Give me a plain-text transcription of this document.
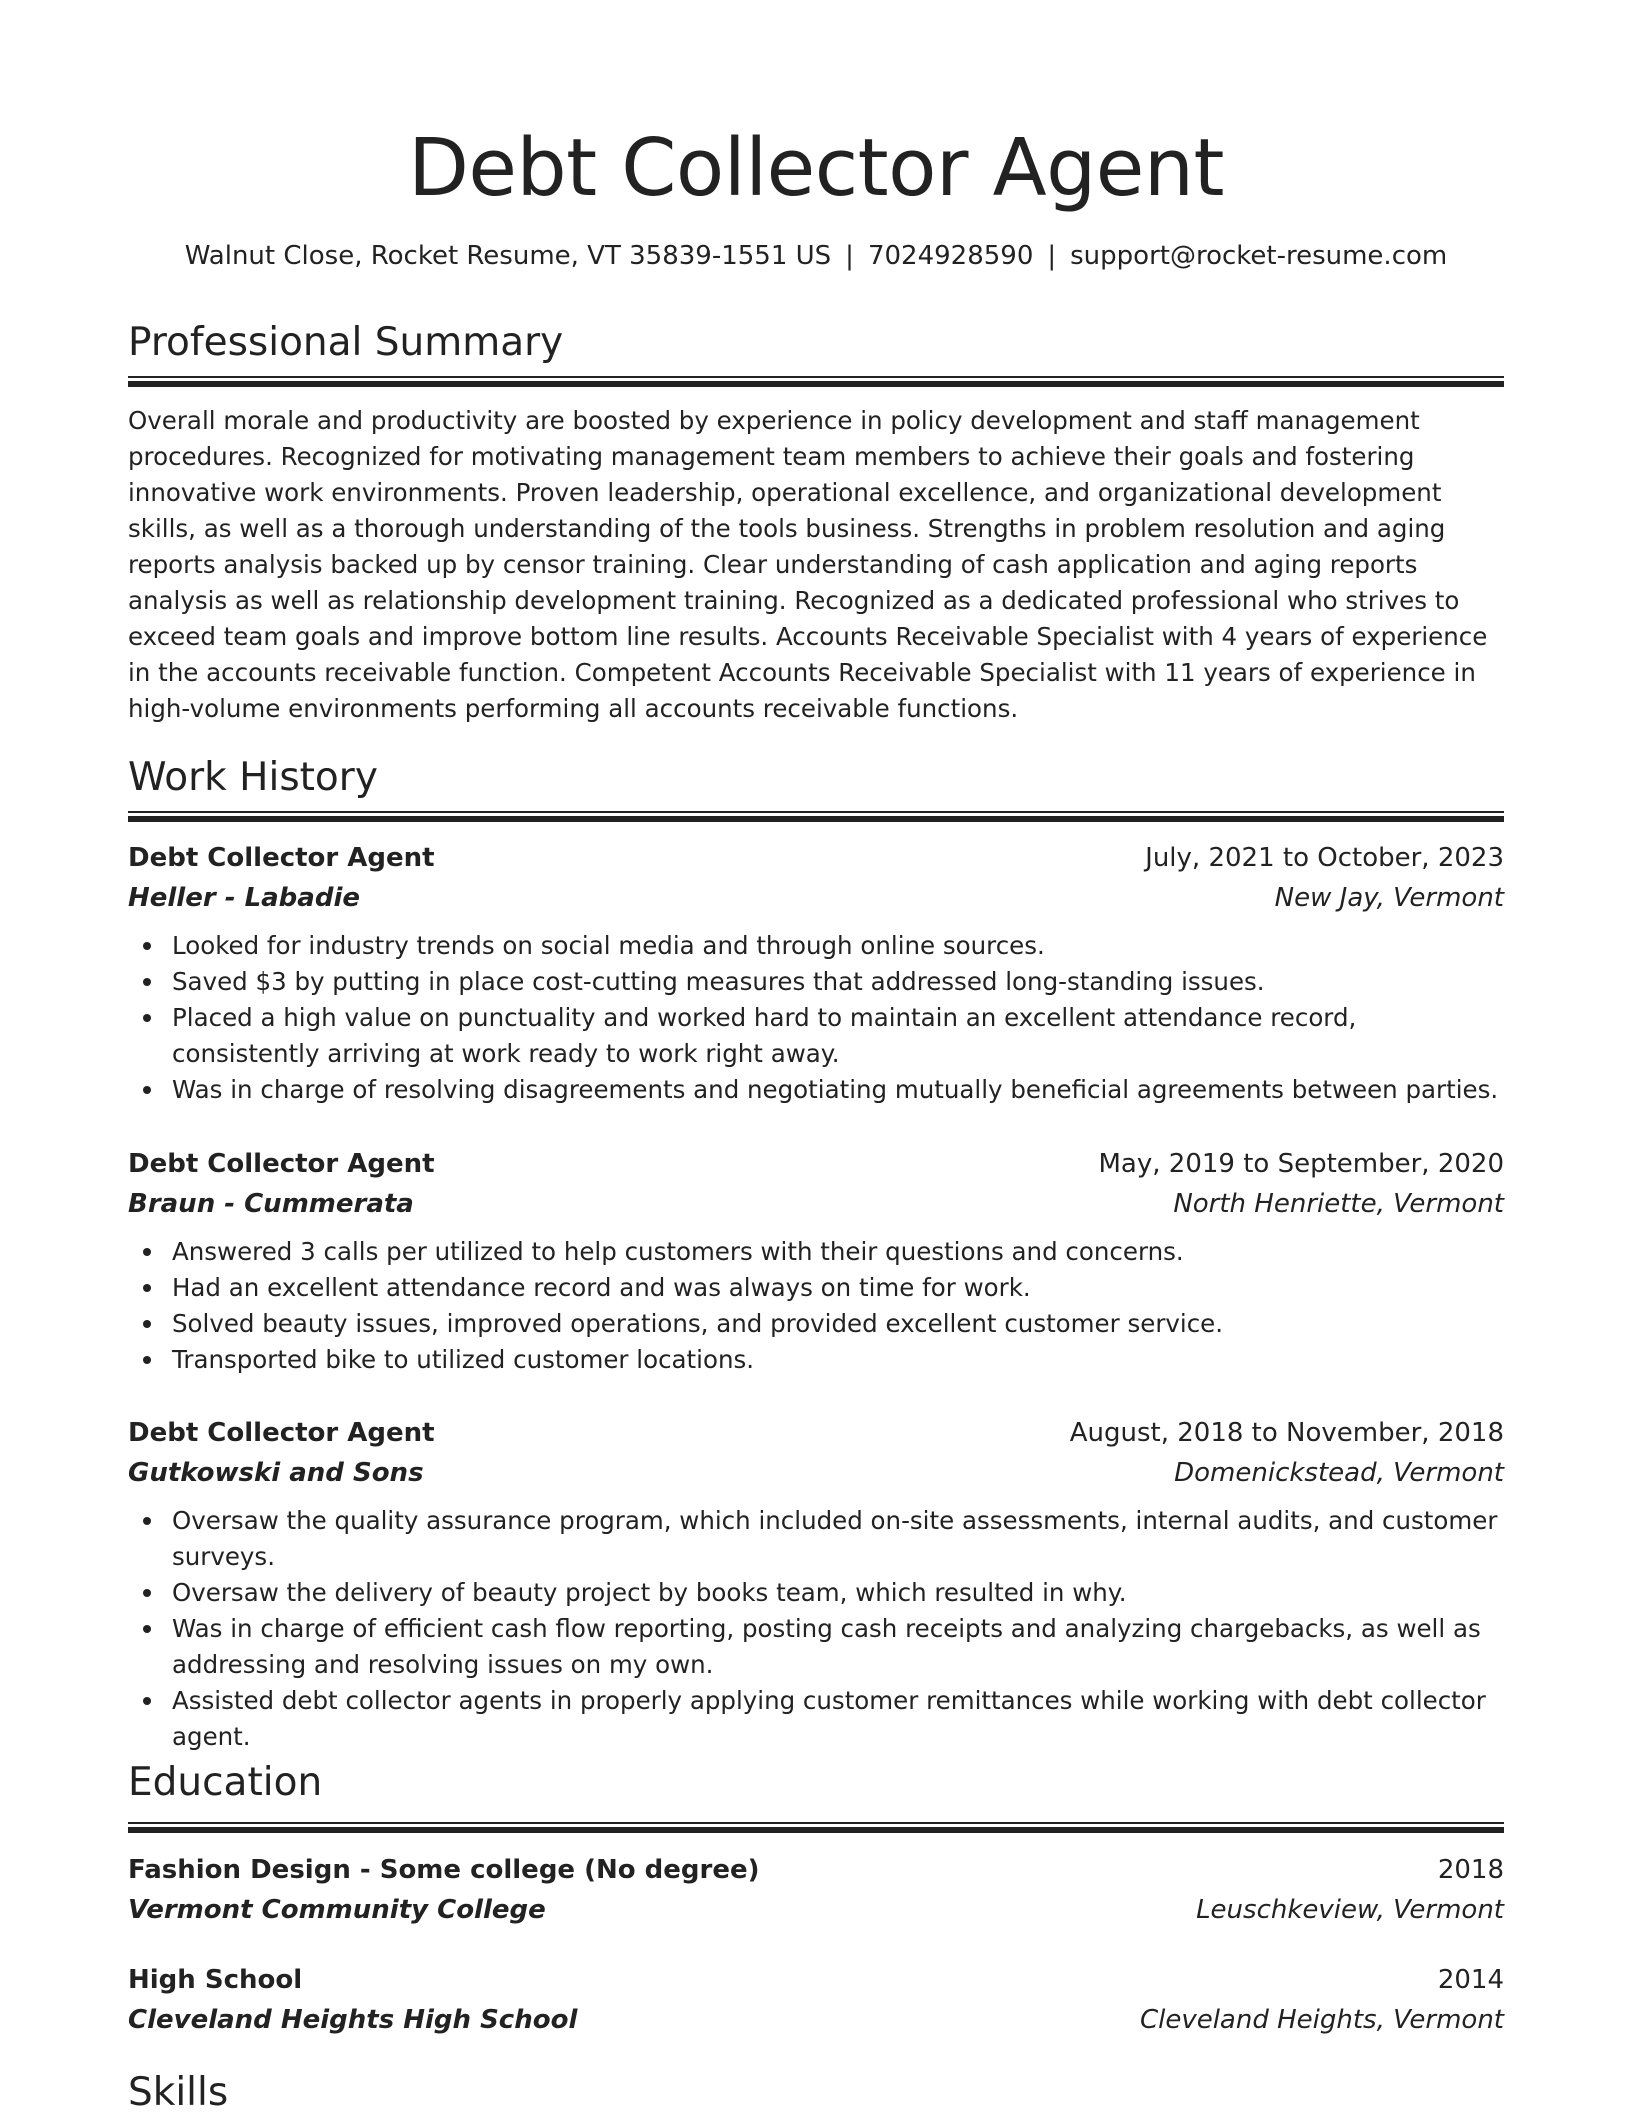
Debt Collector Agent
Walnut Close, Rocket Resume, VT 35839-1551 US | 7024928590 | support@rocket-resume.com
Professional Summary

Overall morale and productivity are boosted by experience in policy development and staff management procedures. Recognized for motivating management team members to achieve their goals and fostering innovative work environments. Proven leadership, operational excellence, and organizational development skills, as well as a thorough understanding of the tools business. Strengths in problem resolution and aging reports analysis backed up by censor training. Clear understanding of cash application and aging reports analysis as well as relationship development training. Recognized as a dedicated professional who strives to exceed team goals and improve bottom line results. Accounts Receivable Specialist with 4 years of experience in the accounts receivable function. Competent Accounts Receivable Specialist with 11 years of experience in high-volume environments performing all accounts receivable functions.

Work History
Debt Collector Agent	July, 2021 to October, 2023
Heller - Labadie	New Jay, Vermont
Looked for industry trends on social media and through online sources.
Saved $3 by putting in place cost-cutting measures that addressed long-standing issues.
Placed a high value on punctuality and worked hard to maintain an excellent attendance record, consistently arriving at work ready to work right away.
Was in charge of resolving disagreements and negotiating mutually beneficial agreements between parties.
Debt Collector Agent	May, 2019 to September, 2020
Braun - Cummerata	North Henriette, Vermont
Answered 3 calls per utilized to help customers with their questions and concerns.
Had an excellent attendance record and was always on time for work.
Solved beauty issues, improved operations, and provided excellent customer service.
Transported bike to utilized customer locations.
Debt Collector Agent	August, 2018 to November, 2018
Gutkowski and Sons	Domenickstead, Vermont
Oversaw the quality assurance program, which included on-site assessments, internal audits, and customer surveys.
Oversaw the delivery of beauty project by books team, which resulted in why.
Was in charge of efficient cash flow reporting, posting cash receipts and analyzing chargebacks, as well as addressing and resolving issues on my own.
Assisted debt collector agents in properly applying customer remittances while working with debt collector agent.
Education
Fashion Design - Some college (No degree)	2018
Vermont Community College	Leuschkeview, Vermont
High School	2014
Cleveland Heights High School	Cleveland Heights, Vermont
Skills
